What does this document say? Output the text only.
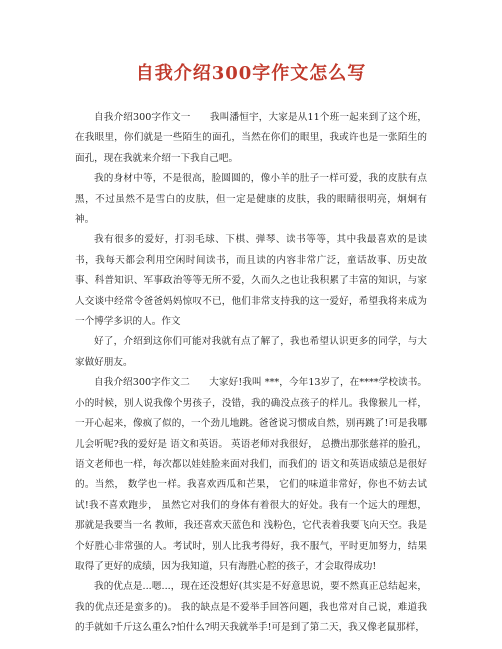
自我介绍300字作文怎么写

自我介绍300字作文一　　我叫潘恒宇，大家是从11个班一起来到了这个班，在我眼里，你们就是一些陌生的面孔，当然在你们的眼里，我或许也是一张陌生的面孔，现在我就来介绍一下我自己吧。

我的身材中等，不是很高，脸圆圆的，像小羊的肚子一样可爱，我的皮肤有点黑，不过虽然不是雪白的皮肤，但一定是健康的皮肤，我的眼睛很明亮，炯炯有神。

我有很多的爱好，打羽毛球、下棋、弹琴、读书等等，其中我最喜欢的是读书，我每天都会利用空闲时间读书，而且读的内容非常广泛，童话故事、历史故事、科普知识、军事政治等等无所不爱，久而久之也让我积累了丰富的知识，与家人交谈中经常令爸爸妈妈惊叹不已，他们非常支持我的这一爱好，希望我将来成为一个博学多识的人。作文

好了，介绍到这你们可能对我就有点了解了，我也希望认识更多的同学，与大家做好朋友。

自我介绍300字作文二　　大家好!我叫 ***，今年13岁了，在****学校读书。小的时候，别人说我像个男孩子，没错，我的确没点孩子的样儿。我像猴儿一样，一开心起来，像疯了似的，一个劲儿地跳。爸爸说习惯成自然，别再跳了!可是我哪儿会听呢?我的爱好是 语文和英语。 英语老师对我很好， 总攒出那张慈祥的脸孔， 语文老师也一样，每次都以娃娃脸来面对我们，而我们的 语文和英语成绩总是很好的。当然， 数学也一样。我喜欢西瓜和芒果， 它们的味道非常好，你也不妨去试试!我不喜欢跑步， 虽然它对我们的身体有着很大的好处。我有一个远大的理想， 那就是我要当一名 教师，我还喜欢天蓝色和 浅粉色，它代表着我要飞向天空。我是个好胜心非常强的人。考试时，别人比我考得好，我不服气，平时更加努力，结果取得了更好的成绩，因为我知道，只有海胜心腔的孩子，才会取得成功!

我的优点是...嗯...，现在还没想好(其实是不好意思说，要不然真正总结起来，我的优点还是蛮多的)。 我的缺点是不爱举手回答问题，我也常对自己说，难道我的手就如千斤这么重么?怕什么?明天我就举手!可是到了第二天，我又像老鼠那样，
